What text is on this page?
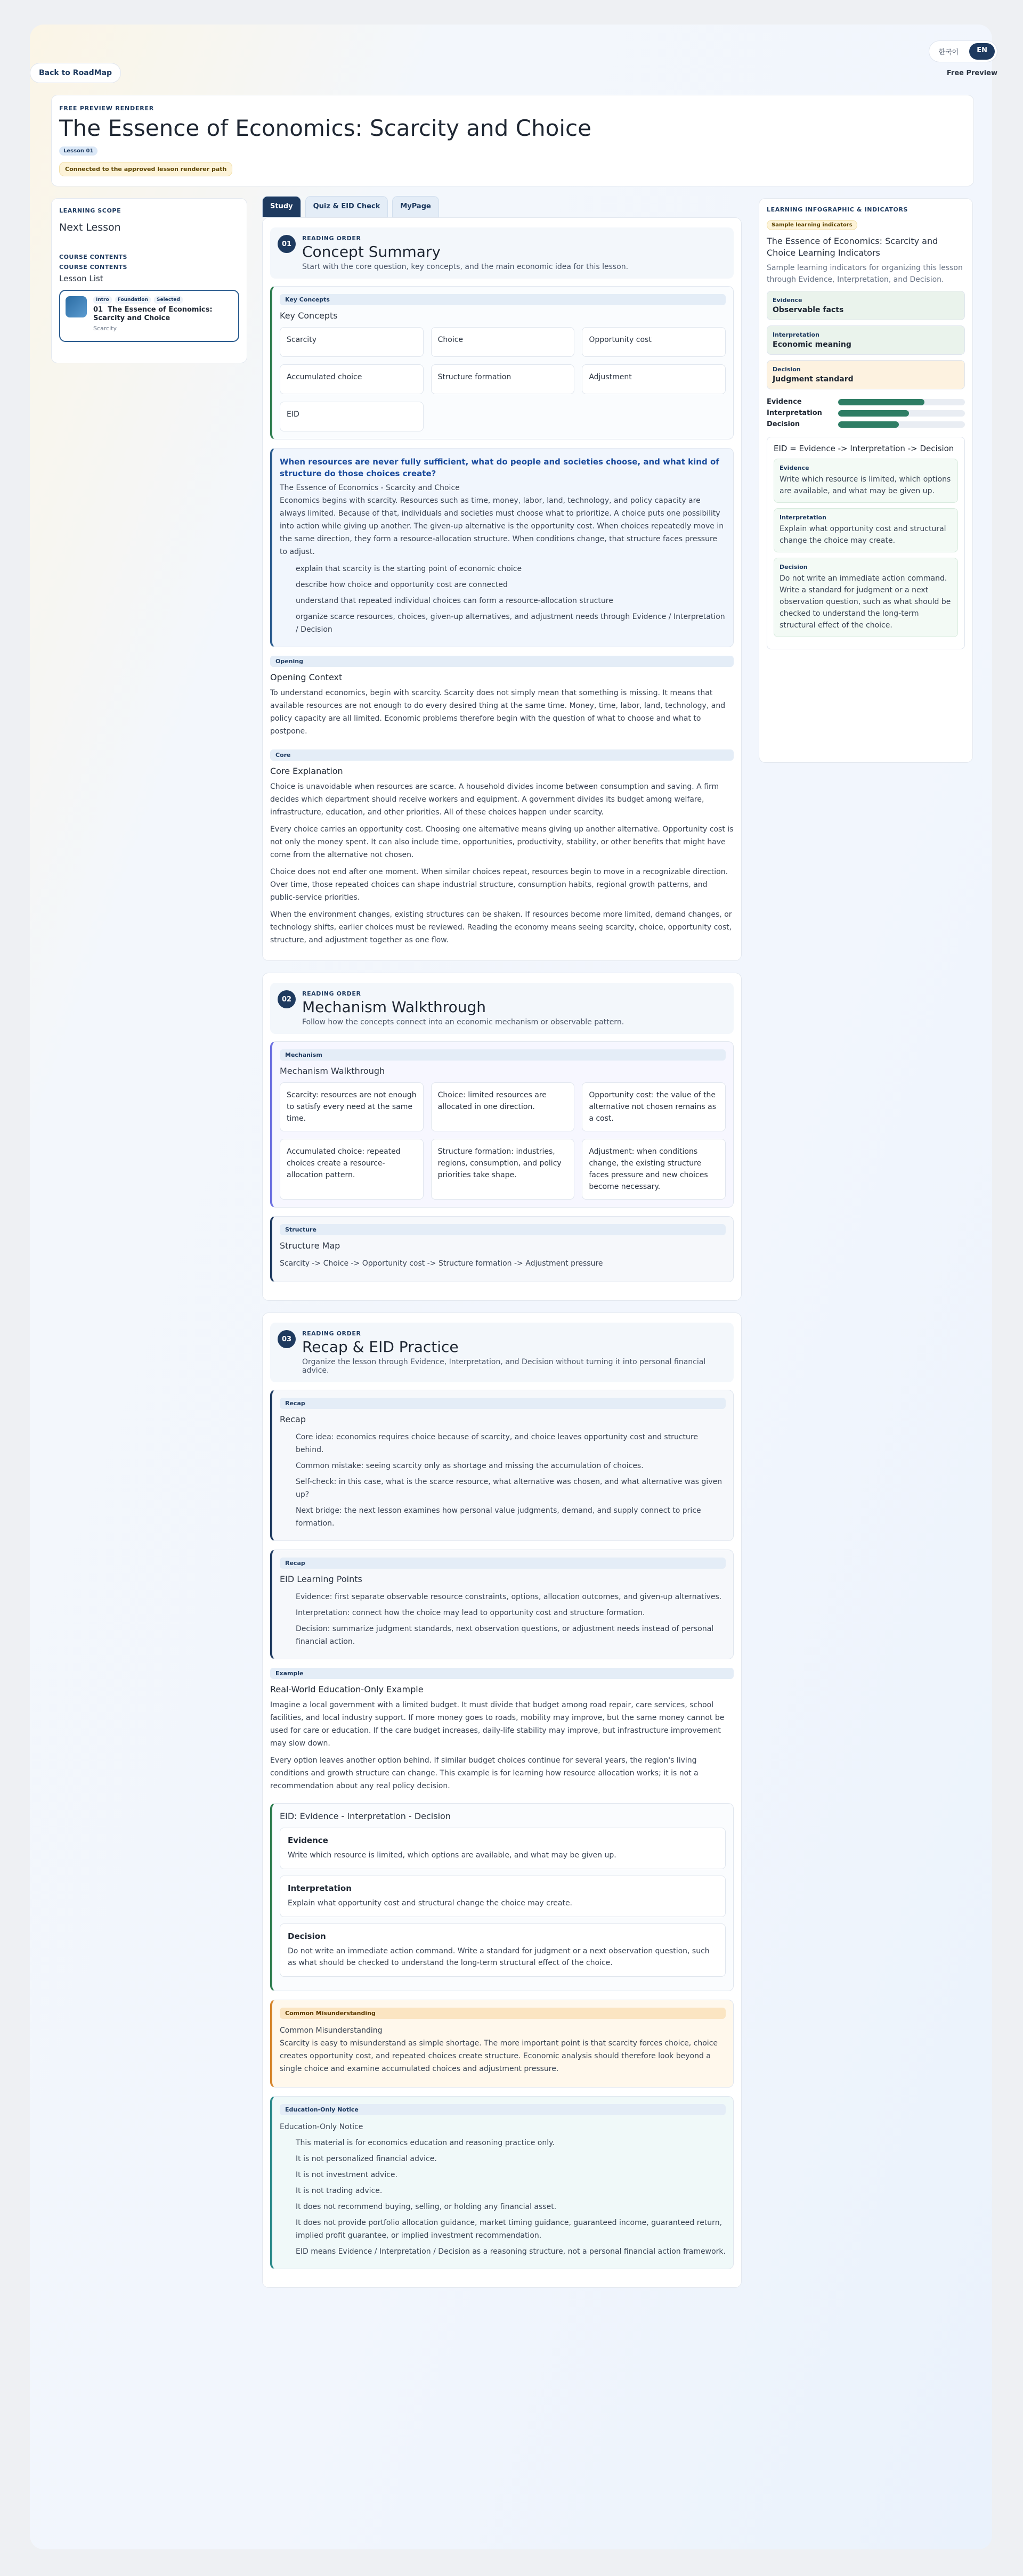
한국어	EN
Back to RoadMap	Free Preview
FREE PREVIEW RENDERER
The Essence of Economics: Scarcity and Choice
Lesson 01
Connected to the approved lesson renderer path
LEARNING SCOPE
Next Lesson
COURSE CONTENTS
COURSE CONTENTS
Lesson List
Intro	Foundation	Selected
01 The Essence of Economics: Scarcity and Choice
Scarcity
Study	Quiz & EID Check	MyPage
01
READING ORDER
Concept Summary

Start with the core question, key concepts, and the main economic idea for this lesson.

Key Concepts
Key Concepts
Scarcity	Choice	Opportunity cost
Accumulated choice	Structure formation	Adjustment
EID
When resources are never fully sufficient, what do people and societies choose, and what kind of structure do those choices create?
The Essence of Economics - Scarcity and Choice
Economics begins with scarcity. Resources such as time, money, labor, land, technology, and policy capacity are always limited. Because of that, individuals and societies must choose what to prioritize. A choice puts one possibility into action while giving up another. The given-up alternative is the opportunity cost. When choices repeatedly move in the same direction, they form a resource-allocation structure. When conditions change, that structure faces pressure to adjust.
explain that scarcity is the starting point of economic choice
describe how choice and opportunity cost are connected
understand that repeated individual choices can form a resource-allocation structure
organize scarce resources, choices, given-up alternatives, and adjustment needs through Evidence / Interpretation / Decision
Opening
Opening Context
To understand economics, begin with scarcity. Scarcity does not simply mean that something is missing. It means that available resources are not enough to do every desired thing at the same time. Money, time, labor, land, technology, and policy capacity are all limited. Economic problems therefore begin with the question of what to choose and what to postpone.
Core
Core Explanation

Choice is unavoidable when resources are scarce. A household divides income between consumption and saving. A firm decides which department should receive workers and equipment. A government divides its budget among welfare, infrastructure, education, and other priorities. All of these choices happen under scarcity.

Every choice carries an opportunity cost. Choosing one alternative means giving up another alternative. Opportunity cost is not only the money spent. It can also include time, opportunities, productivity, stability, or other benefits that might have come from the alternative not chosen.

Choice does not end after one moment. When similar choices repeat, resources begin to move in a recognizable direction. Over time, those repeated choices can shape industrial structure, consumption habits, regional growth patterns, and public-service priorities.

When the environment changes, existing structures can be shaken. If resources become more limited, demand changes, or technology shifts, earlier choices must be reviewed. Reading the economy means seeing scarcity, choice, opportunity cost, structure, and adjustment together as one flow.

02
READING ORDER
Mechanism Walkthrough

Follow how the concepts connect into an economic mechanism or observable pattern.

Mechanism
Mechanism Walkthrough
Scarcity: resources are not enough to satisfy every need at the same time.
Choice: limited resources are allocated in one direction.
Opportunity cost: the value of the alternative not chosen remains as a cost.
Accumulated choice: repeated choices create a resource-allocation pattern.
Structure formation: industries, regions, consumption, and policy priorities take shape.
Adjustment: when conditions change, the existing structure faces pressure and new choices become necessary.
Structure
Structure Map
Scarcity -> Choice -> Opportunity cost -> Structure formation -> Adjustment pressure
03
READING ORDER
Recap & EID Practice

Organize the lesson through Evidence, Interpretation, and Decision without turning it into personal financial advice.

Recap
Recap
Core idea: economics requires choice because of scarcity, and choice leaves opportunity cost and structure behind.
Common mistake: seeing scarcity only as shortage and missing the accumulation of choices.
Self-check: in this case, what is the scarce resource, what alternative was chosen, and what alternative was given up?
Next bridge: the next lesson examines how personal value judgments, demand, and supply connect to price formation.
Recap
EID Learning Points
Evidence: first separate observable resource constraints, options, allocation outcomes, and given-up alternatives.
Interpretation: connect how the choice may lead to opportunity cost and structure formation.
Decision: summarize judgment standards, next observation questions, or adjustment needs instead of personal financial action.
Example
Real-World Education-Only Example

Imagine a local government with a limited budget. It must divide that budget among road repair, care services, school facilities, and local industry support. If more money goes to roads, mobility may improve, but the same money cannot be used for care or education. If the care budget increases, daily-life stability may improve, but infrastructure improvement may slow down.

Every option leaves another option behind. If similar budget choices continue for several years, the region's living conditions and growth structure can change. This example is for learning how resource allocation works; it is not a recommendation about any real policy decision.

EID: Evidence - Interpretation - Decision
Evidence
Write which resource is limited, which options are available, and what may be given up.
Interpretation
Explain what opportunity cost and structural change the choice may create.
Decision
Do not write an immediate action command. Write a standard for judgment or a next observation question, such as what should be checked to understand the long-term structural effect of the choice.
Common Misunderstanding
Common Misunderstanding
Scarcity is easy to misunderstand as simple shortage. The more important point is that scarcity forces choice, choice creates opportunity cost, and repeated choices create structure. Economic analysis should therefore look beyond a single choice and examine accumulated choices and adjustment pressure.
Education-Only Notice
Education-Only Notice
This material is for economics education and reasoning practice only.
It is not personalized financial advice.
It is not investment advice.
It is not trading advice.
It does not recommend buying, selling, or holding any financial asset.
It does not provide portfolio allocation guidance, market timing guidance, guaranteed income, guaranteed return, implied profit guarantee, or implied investment recommendation.
EID means Evidence / Interpretation / Decision as a reasoning structure, not a personal financial action framework.
LEARNING INFOGRAPHIC & INDICATORS
Sample learning indicators
The Essence of Economics: Scarcity and Choice Learning Indicators
Sample learning indicators for organizing this lesson through Evidence, Interpretation, and Decision.
Evidence
Observable facts
Interpretation
Economic meaning
Decision
Judgment standard
Evidence
Interpretation
Decision
EID = Evidence -> Interpretation -> Decision
Evidence
Write which resource is limited, which options are available, and what may be given up.
Interpretation
Explain what opportunity cost and structural change the choice may create.
Decision
Do not write an immediate action command. Write a standard for judgment or a next observation question, such as what should be checked to understand the long-term structural effect of the choice.
